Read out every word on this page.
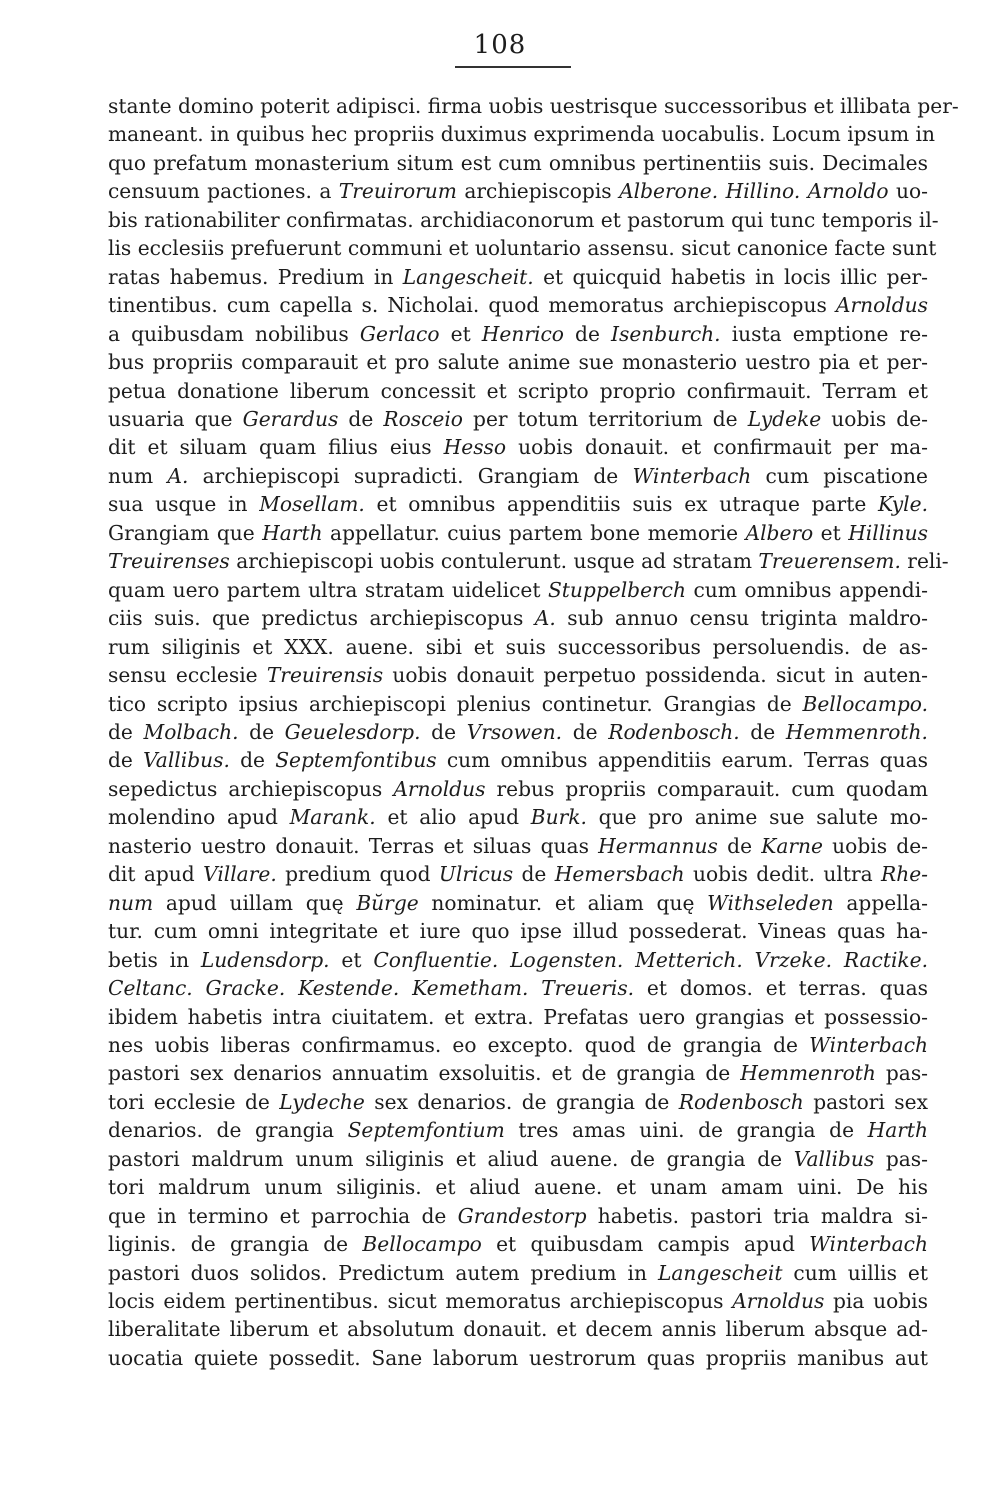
108
stante domino poterit adipisci. firma uobis uestrisque successoribus et illibata per-
maneant. in quibus hec propriis duximus exprimenda uocabulis. Locum ipsum in
quo prefatum monasterium situm est cum omnibus pertinentiis suis. Decimales
censuum pactiones. a Treuirorum archiepiscopis Alberone. Hillino. Arnoldo uo-
bis rationabiliter confirmatas. archidiaconorum et pastorum qui tunc temporis il-
lis ecclesiis prefuerunt communi et uoluntario assensu. sicut canonice facte sunt
ratas habemus. Predium in Langescheit. et quicquid habetis in locis illic per-
tinentibus. cum capella s. Nicholai. quod memoratus archiepiscopus Arnoldus
a quibusdam nobilibus Gerlaco et Henrico de Isenburch. iusta emptione re-
bus propriis comparauit et pro salute anime sue monasterio uestro pia et per-
petua donatione liberum concessit et scripto proprio confirmauit. Terram et
usuaria que Gerardus de Rosceio per totum territorium de Lydeke uobis de-
dit et siluam quam filius eius Hesso uobis donauit. et confirmauit per ma-
num A. archiepiscopi supradicti. Grangiam de Winterbach cum piscatione
sua usque in Mosellam. et omnibus appenditiis suis ex utraque parte Kyle.
Grangiam que Harth appellatur. cuius partem bone memorie Albero et Hillinus
Treuirenses archiepiscopi uobis contulerunt. usque ad stratam Treuerensem. reli-
quam uero partem ultra stratam uidelicet Stuppelberch cum omnibus appendi-
ciis suis. que predictus archiepiscopus A. sub annuo censu triginta maldro-
rum siliginis et XXX. auene. sibi et suis successoribus persoluendis. de as-
sensu ecclesie Treuirensis uobis donauit perpetuo possidenda. sicut in auten-
tico scripto ipsius archiepiscopi plenius continetur. Grangias de Bellocampo.
de Molbach. de Geuelesdorp. de Vrsowen. de Rodenbosch. de Hemmenroth.
de Vallibus. de Septemfontibus cum omnibus appenditiis earum. Terras quas
sepedictus archiepiscopus Arnoldus rebus propriis comparauit. cum quodam
molendino apud Marank. et alio apud Burk. que pro anime sue salute mo-
nasterio uestro donauit. Terras et siluas quas Hermannus de Karne uobis de-
dit apud Villare. predium quod Ulricus de Hemersbach uobis dedit. ultra Rhe-
num apud uillam quę Bŭrge nominatur. et aliam quę Withseleden appella-
tur. cum omni integritate et iure quo ipse illud possederat. Vineas quas ha-
betis in Ludensdorp. et Confluentie. Logensten. Metterich. Vrzeke. Ractike.
Celtanc. Gracke. Kestende. Kemetham. Treueris. et domos. et terras. quas
ibidem habetis intra ciuitatem. et extra. Prefatas uero grangias et possessio-
nes uobis liberas confirmamus. eo excepto. quod de grangia de Winterbach
pastori sex denarios annuatim exsoluitis. et de grangia de Hemmenroth pas-
tori ecclesie de Lydeche sex denarios. de grangia de Rodenbosch pastori sex
denarios. de grangia Septemfontium tres amas uini. de grangia de Harth
pastori maldrum unum siliginis et aliud auene. de grangia de Vallibus pas-
tori maldrum unum siliginis. et aliud auene. et unam amam uini. De his
que in termino et parrochia de Grandestorp habetis. pastori tria maldra si-
liginis. de grangia de Bellocampo et quibusdam campis apud Winterbach
pastori duos solidos. Predictum autem predium in Langescheit cum uillis et
locis eidem pertinentibus. sicut memoratus archiepiscopus Arnoldus pia uobis
liberalitate liberum et absolutum donauit. et decem annis liberum absque ad-
uocatia quiete possedit. Sane laborum uestrorum quas propriis manibus aut
